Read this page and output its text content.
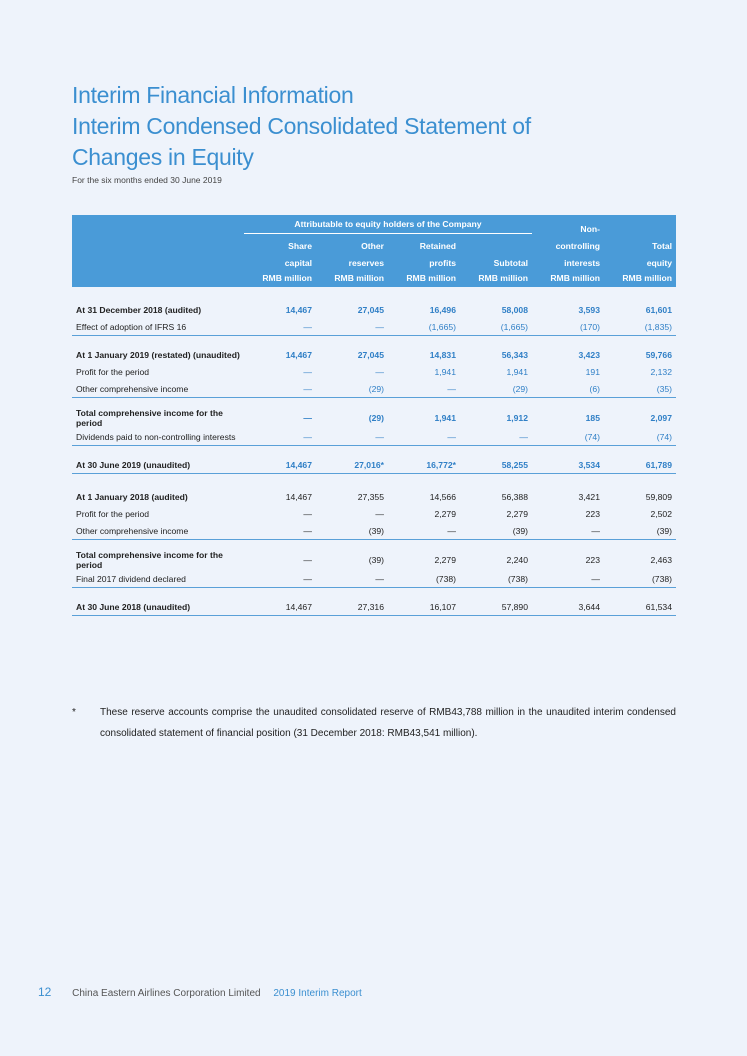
Interim Financial Information
Interim Condensed Consolidated Statement of
Changes in Equity
For the six months ended 30 June 2019
	Attributable to equity holders of the Company				Non-	
	Share	Other	Retained		controlling	Total
	capital	reserves	profits	Subtotal	interests	equity
	RMB million	RMB million	RMB million	RMB million	RMB million	RMB million

At 31 December 2018 (audited)	14,467	27,045	16,496	58,008	3,593	61,601
Effect of adoption of IFRS 16	—	—	(1,665)	(1,665)	(170)	(1,835)

At 1 January 2019 (restated) (unaudited)	14,467	27,045	14,831	56,343	3,423	59,766
Profit for the period	—	—	1,941	1,941	191	2,132
Other comprehensive income	—	(29)	—	(29)	(6)	(35)

Total comprehensive income for the period	—	(29)	1,941	1,912	185	2,097
Dividends paid to non-controlling interests	—	—	—	—	(74)	(74)

At 30 June 2019 (unaudited)	14,467	27,016*	16,772*	58,255	3,534	61,789

At 1 January 2018 (audited)	14,467	27,355	14,566	56,388	3,421	59,809
Profit for the period	—	—	2,279	2,279	223	2,502
Other comprehensive income	—	(39)	—	(39)	—	(39)

Total comprehensive income for the period	—	(39)	2,279	2,240	223	2,463
Final 2017 dividend declared	—	—	(738)	(738)	—	(738)

At 30 June 2018 (unaudited)	14,467	27,316	16,107	57,890	3,644	61,534
* These reserve accounts comprise the unaudited consolidated reserve of RMB43,788 million in the unaudited interim condensed consolidated statement of financial position (31 December 2018: RMB43,541 million).
12 China Eastern Airlines Corporation Limited 2019 Interim Report
